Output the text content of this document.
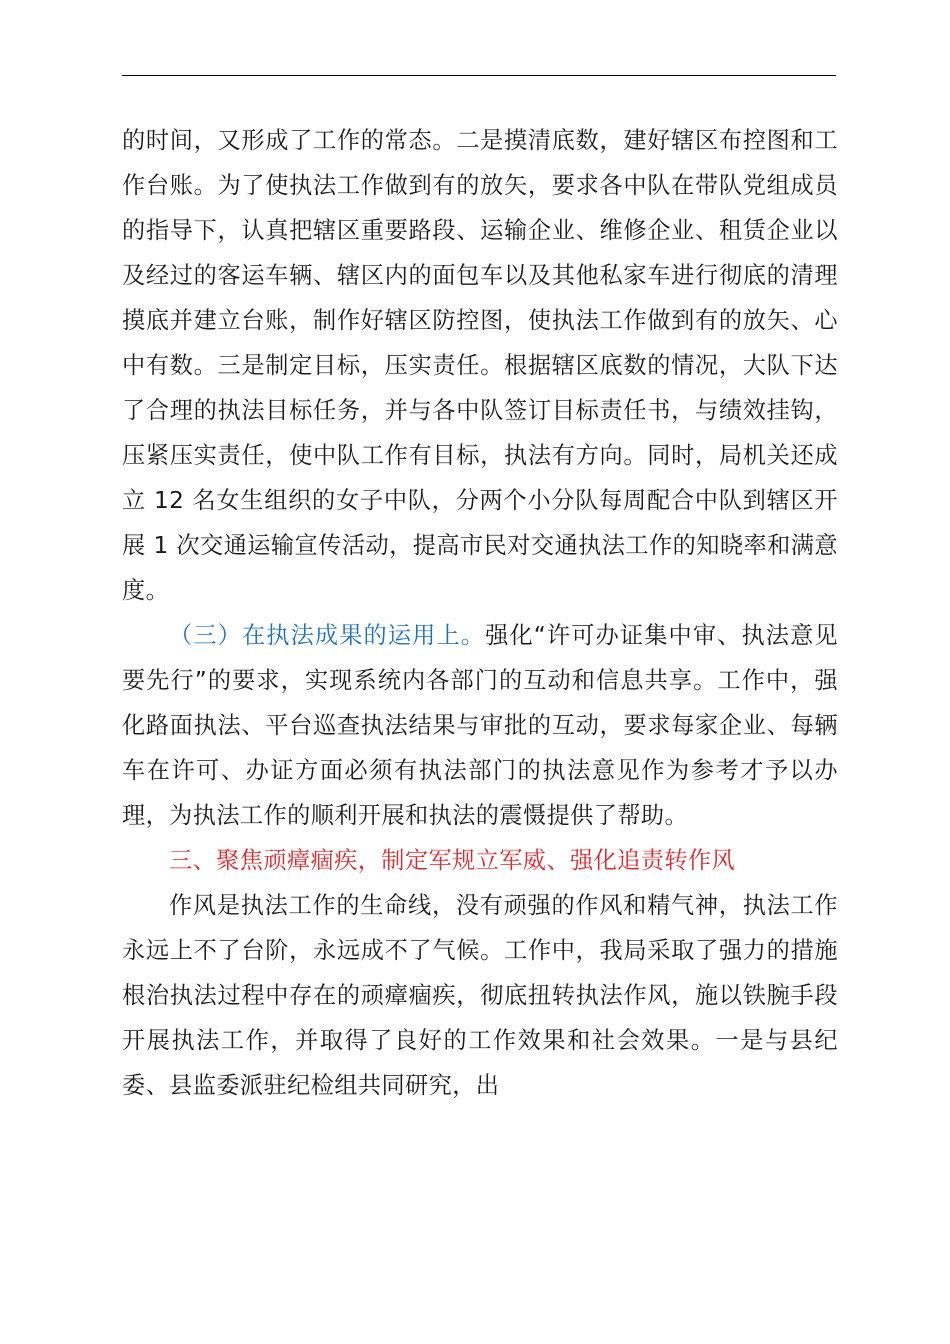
的时间，又形成了工作的常态。二是摸清底数，建好辖区布控图和工作台账。为了使执法工作做到有的放矢，要求各中队在带队党组成员的指导下，认真把辖区重要路段、运输企业、维修企业、租赁企业以及经过的客运车辆、辖区内的面包车以及其他私家车进行彻底的清理摸底并建立台账，制作好辖区防控图，使执法工作做到有的放矢、心中有数。三是制定目标，压实责任。根据辖区底数的情况，大队下达了合理的执法目标任务，并与各中队签订目标责任书，与绩效挂钩，压紧压实责任，使中队工作有目标，执法有方向。同时，局机关还成立 12 名女生组织的女子中队，分两个小分队每周配合中队到辖区开展 1 次交通运输宣传活动，提高市民对交通执法工作的知晓率和满意度。

（三）在执法成果的运用上。强化“许可办证集中审、执法意见要先行”的要求，实现系统内各部门的互动和信息共享。工作中，强化路面执法、平台巡查执法结果与审批的互动，要求每家企业、每辆车在许可、办证方面必须有执法部门的执法意见作为参考才予以办理，为执法工作的顺利开展和执法的震慑提供了帮助。

三、聚焦顽瘴痼疾，制定军规立军威、强化追责转作风

作风是执法工作的生命线，没有顽强的作风和精气神，执法工作永远上不了台阶，永远成不了气候。工作中，我局采取了强力的措施根治执法过程中存在的顽瘴痼疾，彻底扭转执法作风，施以铁腕手段开展执法工作，并取得了良好的工作效果和社会效果。一是与县纪委、县监委派驻纪检组共同研究，出
